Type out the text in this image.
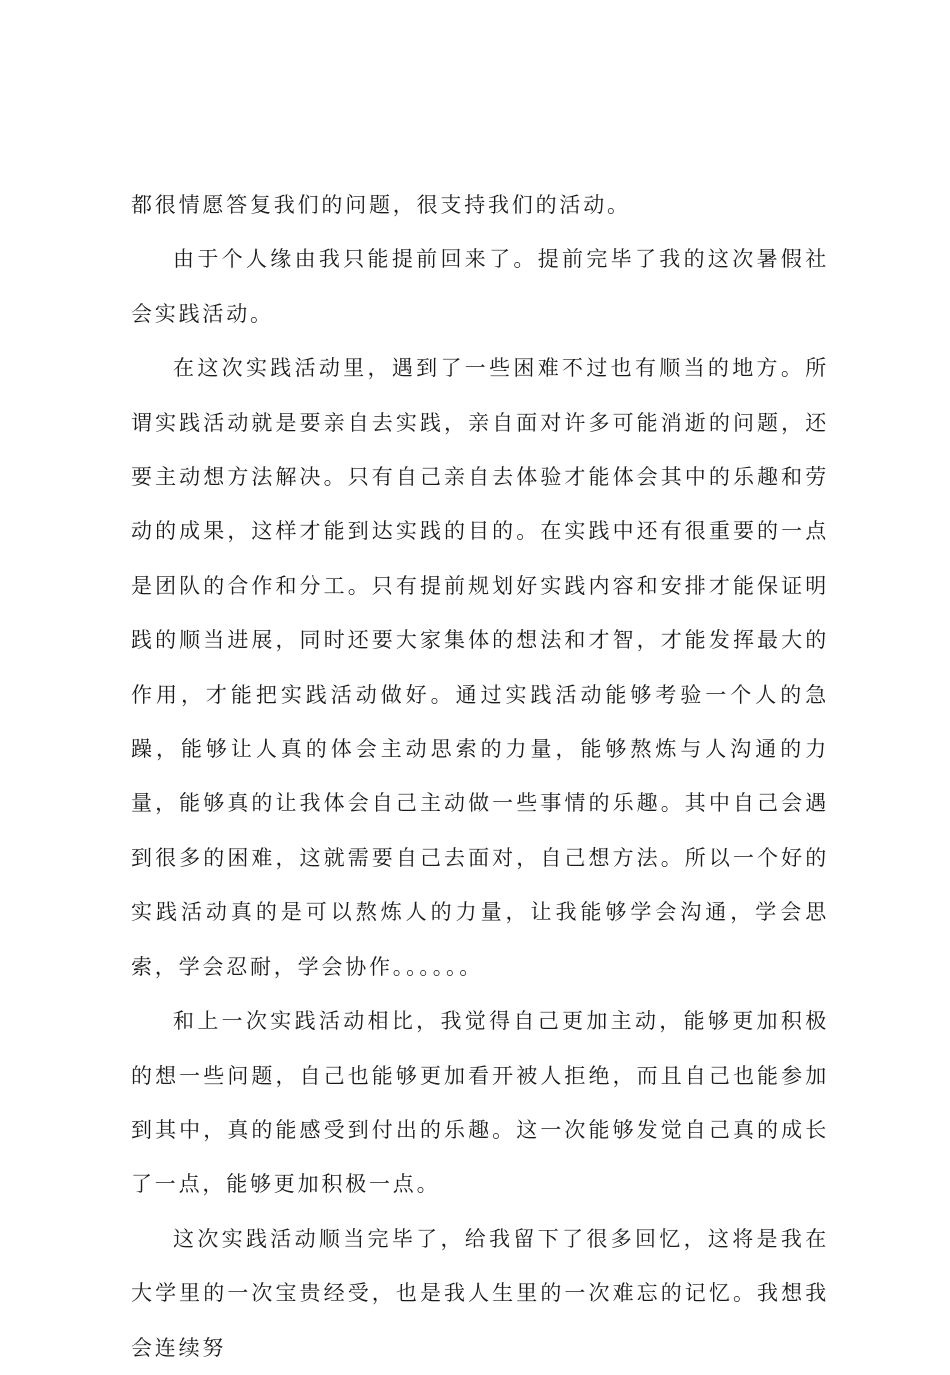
都很情愿答复我们的问题，很支持我们的活动。

由于个人缘由我只能提前回来了。提前完毕了我的这次暑假社会实践活动。

在这次实践活动里，遇到了一些困难不过也有顺当的地方。所谓实践活动就是要亲自去实践，亲自面对许多可能消逝的问题，还要主动想方法解决。只有自己亲自去体验才能体会其中的乐趣和劳动的成果，这样才能到达实践的目的。在实践中还有很重要的一点是团队的合作和分工。只有提前规划好实践内容和安排才能保证明践的顺当进展，同时还要大家集体的想法和才智，才能发挥最大的作用，才能把实践活动做好。通过实践活动能够考验一个人的急躁，能够让人真的体会主动思索的力量，能够熬炼与人沟通的力量，能够真的让我体会自己主动做一些事情的乐趣。其中自己会遇到很多的困难，这就需要自己去面对，自己想方法。所以一个好的实践活动真的是可以熬炼人的力量，让我能够学会沟通，学会思索，学会忍耐，学会协作。。。。。。

和上一次实践活动相比，我觉得自己更加主动，能够更加积极的想一些问题，自己也能够更加看开被人拒绝，而且自己也能参加到其中，真的能感受到付出的乐趣。这一次能够发觉自己真的成长了一点，能够更加积极一点。

这次实践活动顺当完毕了，给我留下了很多回忆，这将是我在大学里的一次宝贵经受，也是我人生里的一次难忘的记忆。我想我会连续努
